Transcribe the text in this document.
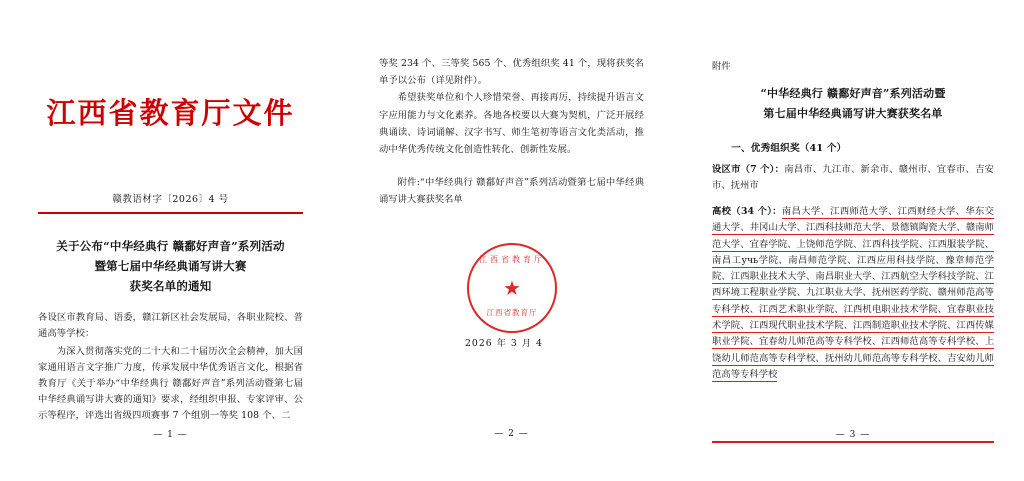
江西省教育厅文件
赣教语材字〔2026〕4 号
关于公布“中华经典行 赣鄱好声音”系列活动
暨第七届中华经典诵写讲大赛
获奖名单的通知
各设区市教育局、语委，赣江新区社会发展局，各职业院校、普通高等学校：
为深入贯彻落实党的二十大和二十届历次全会精神，加大国家通用语言文字推广力度，传承发展中华优秀语言文化，根据省教育厅《关于举办“中华经典行 赣鄱好声音”系列活动暨第七届中华经典诵写讲大赛的通知》要求，经组织申报、专家评审、公示等程序，评选出省级四项赛事 7 个组别一等奖 108 个、二
— 1 —
等奖 234 个、三等奖 565 个、优秀组织奖 41 个，现将获奖名单予以公布（详见附件）。
希望获奖单位和个人珍惜荣誉、再接再厉，持续提升语言文字应用能力与文化素养。各地各校要以大赛为契机，广泛开展经典诵读、诗词诵解、汉字书写、师生笔初等语言文化类活动，推动中华优秀传统文化创造性转化、创新性发展。
附件:“中华经典行 赣鄱好声音”系列活动暨第七届中华经典诵写讲大赛获奖名单
江西省教育厅
★
江西省教育厅
2026 年 3 月 4
— 2 —
附件
“中华经典行 赣鄱好声音”系列活动暨
第七届中华经典诵写讲大赛获奖名单
一、优秀组织奖（41 个）
设区市（7 个）：南昌市、九江市、新余市、赣州市、宜春市、吉安市、抚州市
高校（34 个）：南昌大学、江西师范大学、江西财经大学、华东交通大学、井冈山大学、江西科技师范大学、景德镇陶瓷大学、赣南师范大学、宜春学院、上饶师范学院、江西科技学院、江西服装学院、南昌工учь学院、南昌师范学院、江西应用科技学院、豫章师范学院、江西职业技术大学、南昌职业大学、江西航空大学科技学院、江西环境工程职业学院、九江职业大学、抚州医药学院、赣州师范高等专科学校、江西艺术职业学院、江西机电职业技术学院、宜春职业技术学院、江西现代职业技术学院、江西制造职业技术学院、江西传媒职业学院、宜春幼儿师范高等专科学校、江西师范高等专科学校、上饶幼儿师范高等专科学校、抚州幼儿师范高等专科学校、吉安幼儿师范高等专科学校
— 3 —
